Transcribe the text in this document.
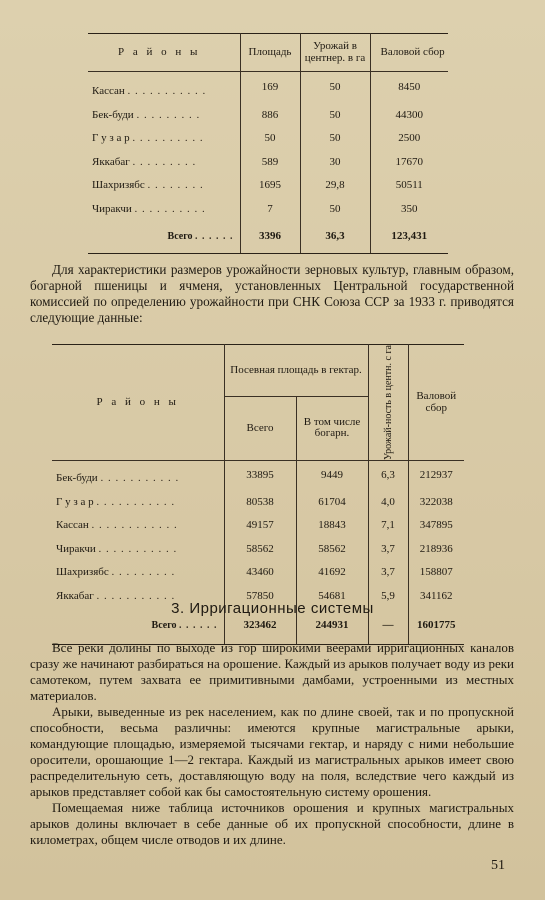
Р а й о н ы	Площадь	Урожай в центнер. в га	Валовой сбор
Кассан . . . . . . . . . . .	169	50	8450
Бек-буди . . . . . . . . .	886	50	44300
Г у з а р . . . . . . . . . .	50	50	2500
Яккабаг . . . . . . . . .	589	30	17670
Шахризябс . . . . . . . .	1695	29,8	50511
Чиракчи . . . . . . . . . .	7	50	350
Всего . . . . . .	3396	36,3	123,431

Для характеристики размеров урожайности зерновых культур, главным образом, богарной пшеницы и ячменя, установленных Центральной государственной комиссией по определению урожайности при СНК Союза ССР за 1933 г. приводятся следующие данные:

Р а й о н ы	Посевная площадь в гектар.		Урожай-ность в центн. с га	Валовой сбор
	Всего	В том числе богарн.		
Бек-буди . . . . . . . . . . .	33895	9449	6,3	212937
Г у з а р . . . . . . . . . . .	80538	61704	4,0	322038
Кассан . . . . . . . . . . . .	49157	18843	7,1	347895
Чиракчи . . . . . . . . . . .	58562	58562	3,7	218936
Шахризябс . . . . . . . . .	43460	41692	3,7	158807
Яккабаг . . . . . . . . . . .	57850	54681	5,9	341162
Всего . . . . . .	323462	244931	—	1601775
3. Ирригационные системы

Все реки долины по выходе из гор широкими веерами ирригационных каналов сразу же начинают разбираться на орошение. Каждый из арыков получает воду из реки самотеком, путем захвата ее примитивными дамбами, устроенными из местных материалов.

Арыки, выведенные из рек населением, как по длине своей, так и по пропускной способности, весьма различны: имеются крупные магистральные арыки, командующие площадью, измеряемой тысячами гектар, и наряду с ними небольшие оросители, орошающие 1—2 гектара. Каждый из магистральных арыков имеет свою распределительную сеть, доставляющую воду на поля, вследствие чего каждый из арыков представляет собой как бы самостоятельную систему орошения.

Помещаемая ниже таблица источников орошения и крупных магистральных арыков долины включает в себе данные об их пропускной способности, длине в километрах, общем числе отводов и их длине.

51
